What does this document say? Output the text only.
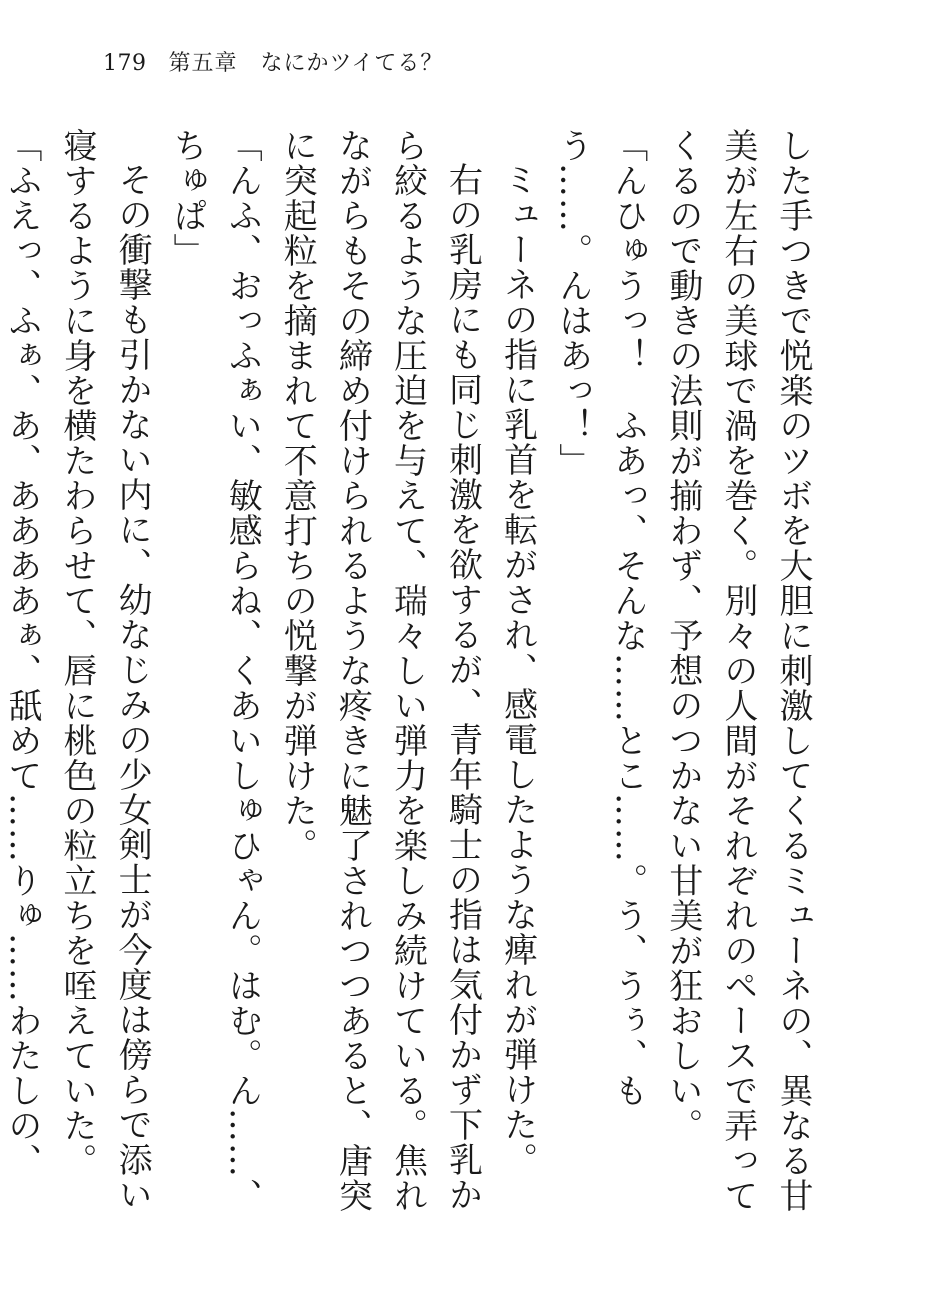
179 第五章　なにかツイてる？

した手つきで悦楽のツボを大胆に刺激してくるミューネの、異なる甘美が左右の美球で渦を巻く。別々の人間がそれぞれのペースで弄ってくるので動きの法則が揃わず、予想のつかない甘美が狂おしい。

「んひゅうっ！　ふあっ、そんな……とこ……。う、うぅ、もう……。んはあっ！」

ミューネの指に乳首を転がされ、感電したような痺れが弾けた。

右の乳房にも同じ刺激を欲するが、青年騎士の指は気付かず下乳から絞るような圧迫を与えて、瑞々しい弾力を楽しみ続けている。焦れながらもその締め付けられるような疼きに魅了されつつあると、唐突に突起粒を摘まれて不意打ちの悦撃が弾けた。

「んふ、おっふぁい、敏感らね、くあいしゅひゃん。はむ。ん……、ちゅぱ」

その衝撃も引かない内に、幼なじみの少女剣士が今度は傍らで添い寝するように身を横たわらせて、唇に桃色の粒立ちを咥えていた。

「ふえっ、ふぁ、あ、ああああぁ、舐めて……りゅ……わたしの、
